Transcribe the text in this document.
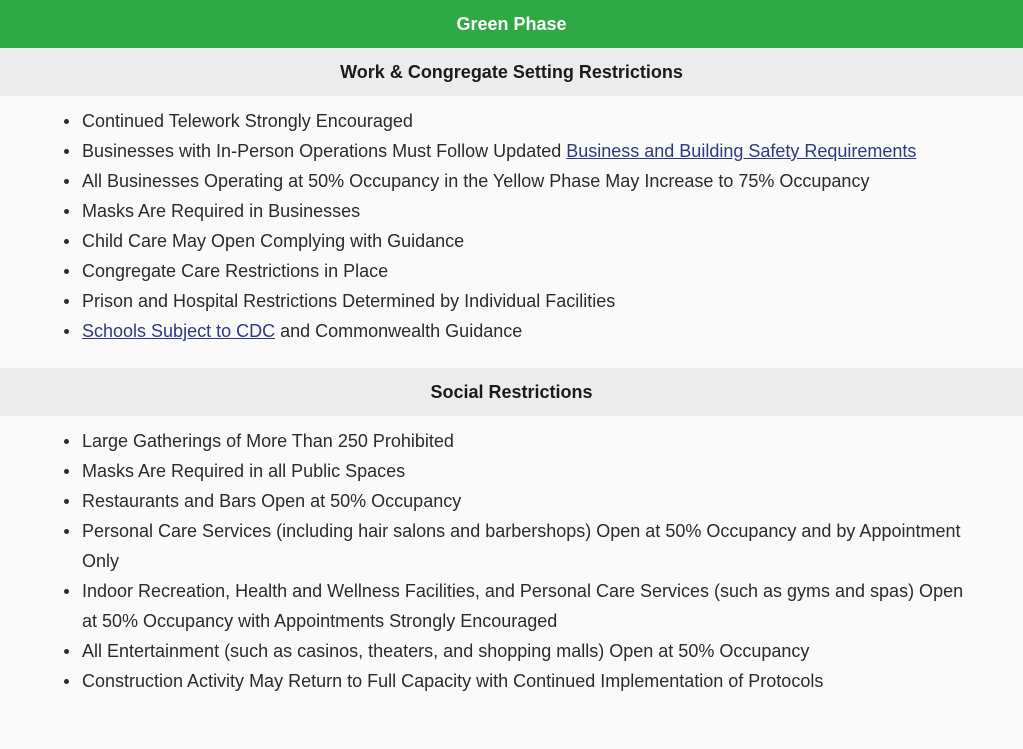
Green Phase
Work & Congregate Setting Restrictions
Continued Telework Strongly Encouraged
Businesses with In-Person Operations Must Follow Updated Business and Building Safety Requirements
All Businesses Operating at 50% Occupancy in the Yellow Phase May Increase to 75% Occupancy
Masks Are Required in Businesses
Child Care May Open Complying with Guidance
Congregate Care Restrictions in Place
Prison and Hospital Restrictions Determined by Individual Facilities
Schools Subject to CDC and Commonwealth Guidance
Social Restrictions
Large Gatherings of More Than 250 Prohibited
Masks Are Required in all Public Spaces
Restaurants and Bars Open at 50% Occupancy
Personal Care Services (including hair salons and barbershops) Open at 50% Occupancy and by Appointment Only
Indoor Recreation, Health and Wellness Facilities, and Personal Care Services (such as gyms and spas) Open at 50% Occupancy with Appointments Strongly Encouraged
All Entertainment (such as casinos, theaters, and shopping malls) Open at 50% Occupancy
Construction Activity May Return to Full Capacity with Continued Implementation of Protocols
